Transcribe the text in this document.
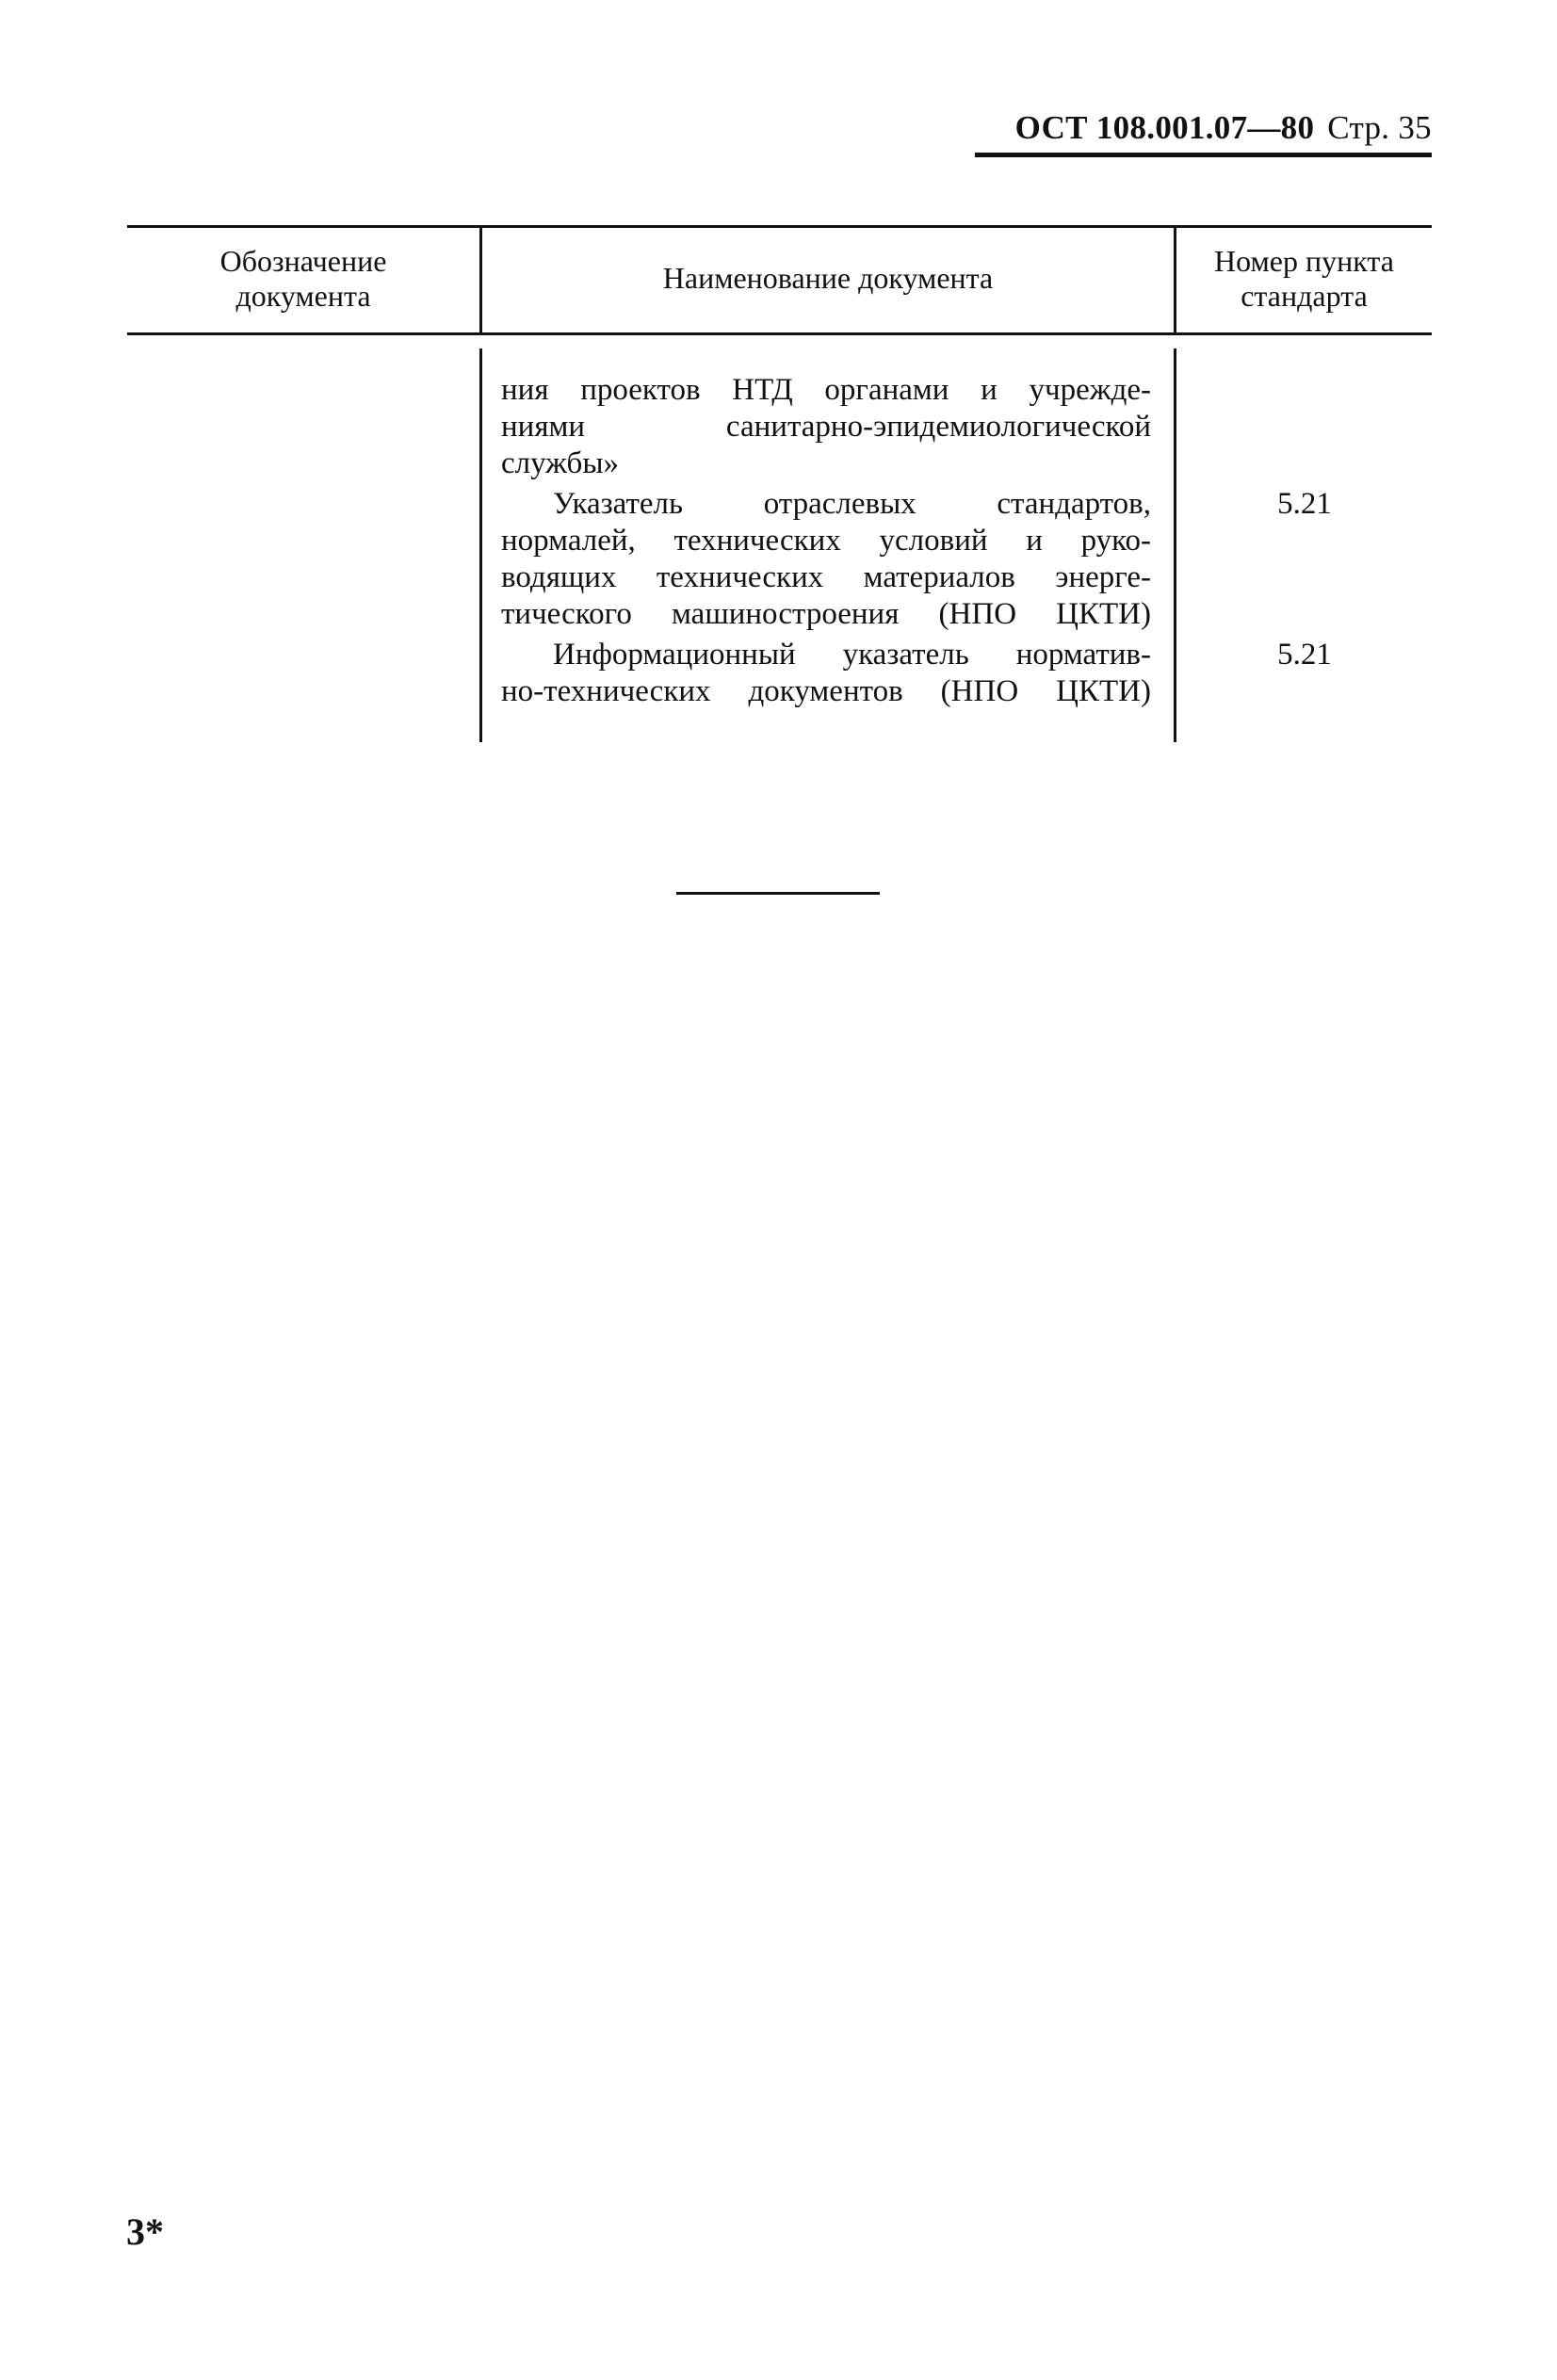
ОСТ 108.001.07—80 Стр. 35
Обозначение
документа
Наименование документа	Номер пункта
стандарта
ния проектов НТД органами и учрежде-
ниями санитарно-эпидемиологической
службы»
Указатель отраслевых стандартов,
нормалей, технических условий и руко-
водящих технических материалов энерге-
тического машиностроения (НПО ЦКТИ)
5.21
Информационный указатель норматив-
но-технических документов (НПО ЦКТИ)
5.21
3*
